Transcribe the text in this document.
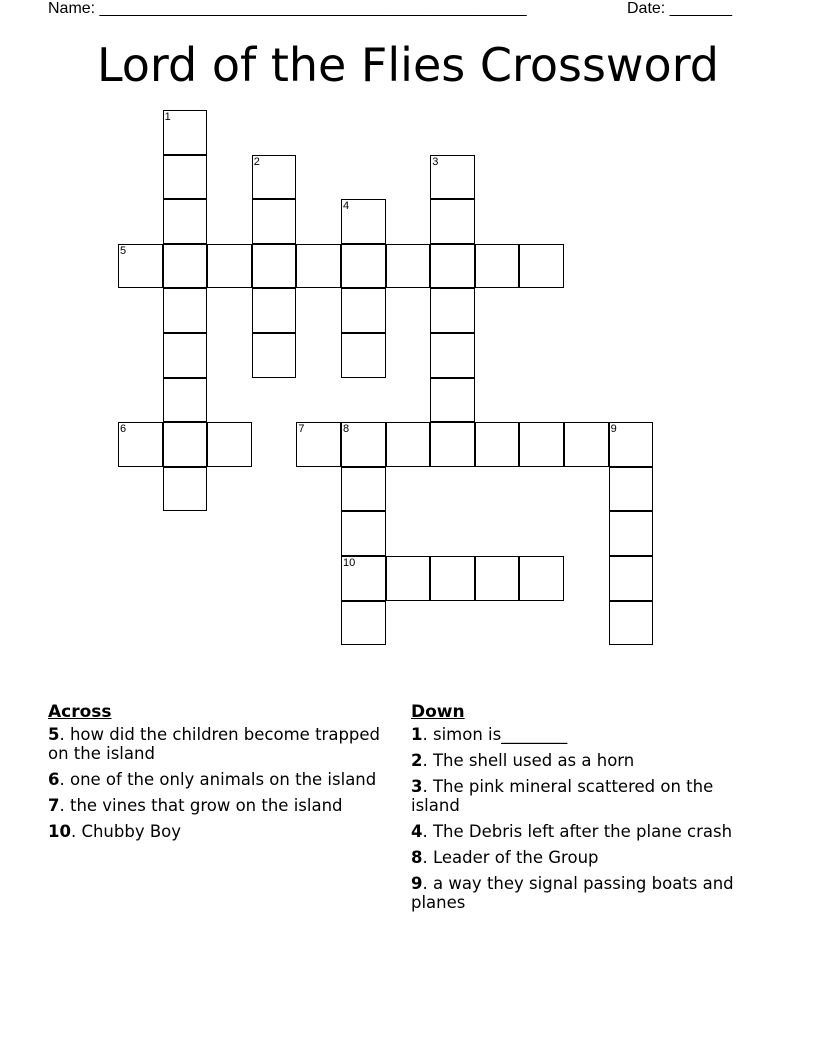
Name: ________________________________________________	Date: _______
Lord of the Flies Crossword
1
2	3
4
5
6	7	8	9
10
Across
5. how did the children become trapped on the island
6. one of the only animals on the island
7. the vines that grow on the island
10. Chubby Boy
Down
1. simon is________
2. The shell used as a horn
3. The pink mineral scattered on the island
4. The Debris left after the plane crash
8. Leader of the Group
9. a way they signal passing boats and planes
